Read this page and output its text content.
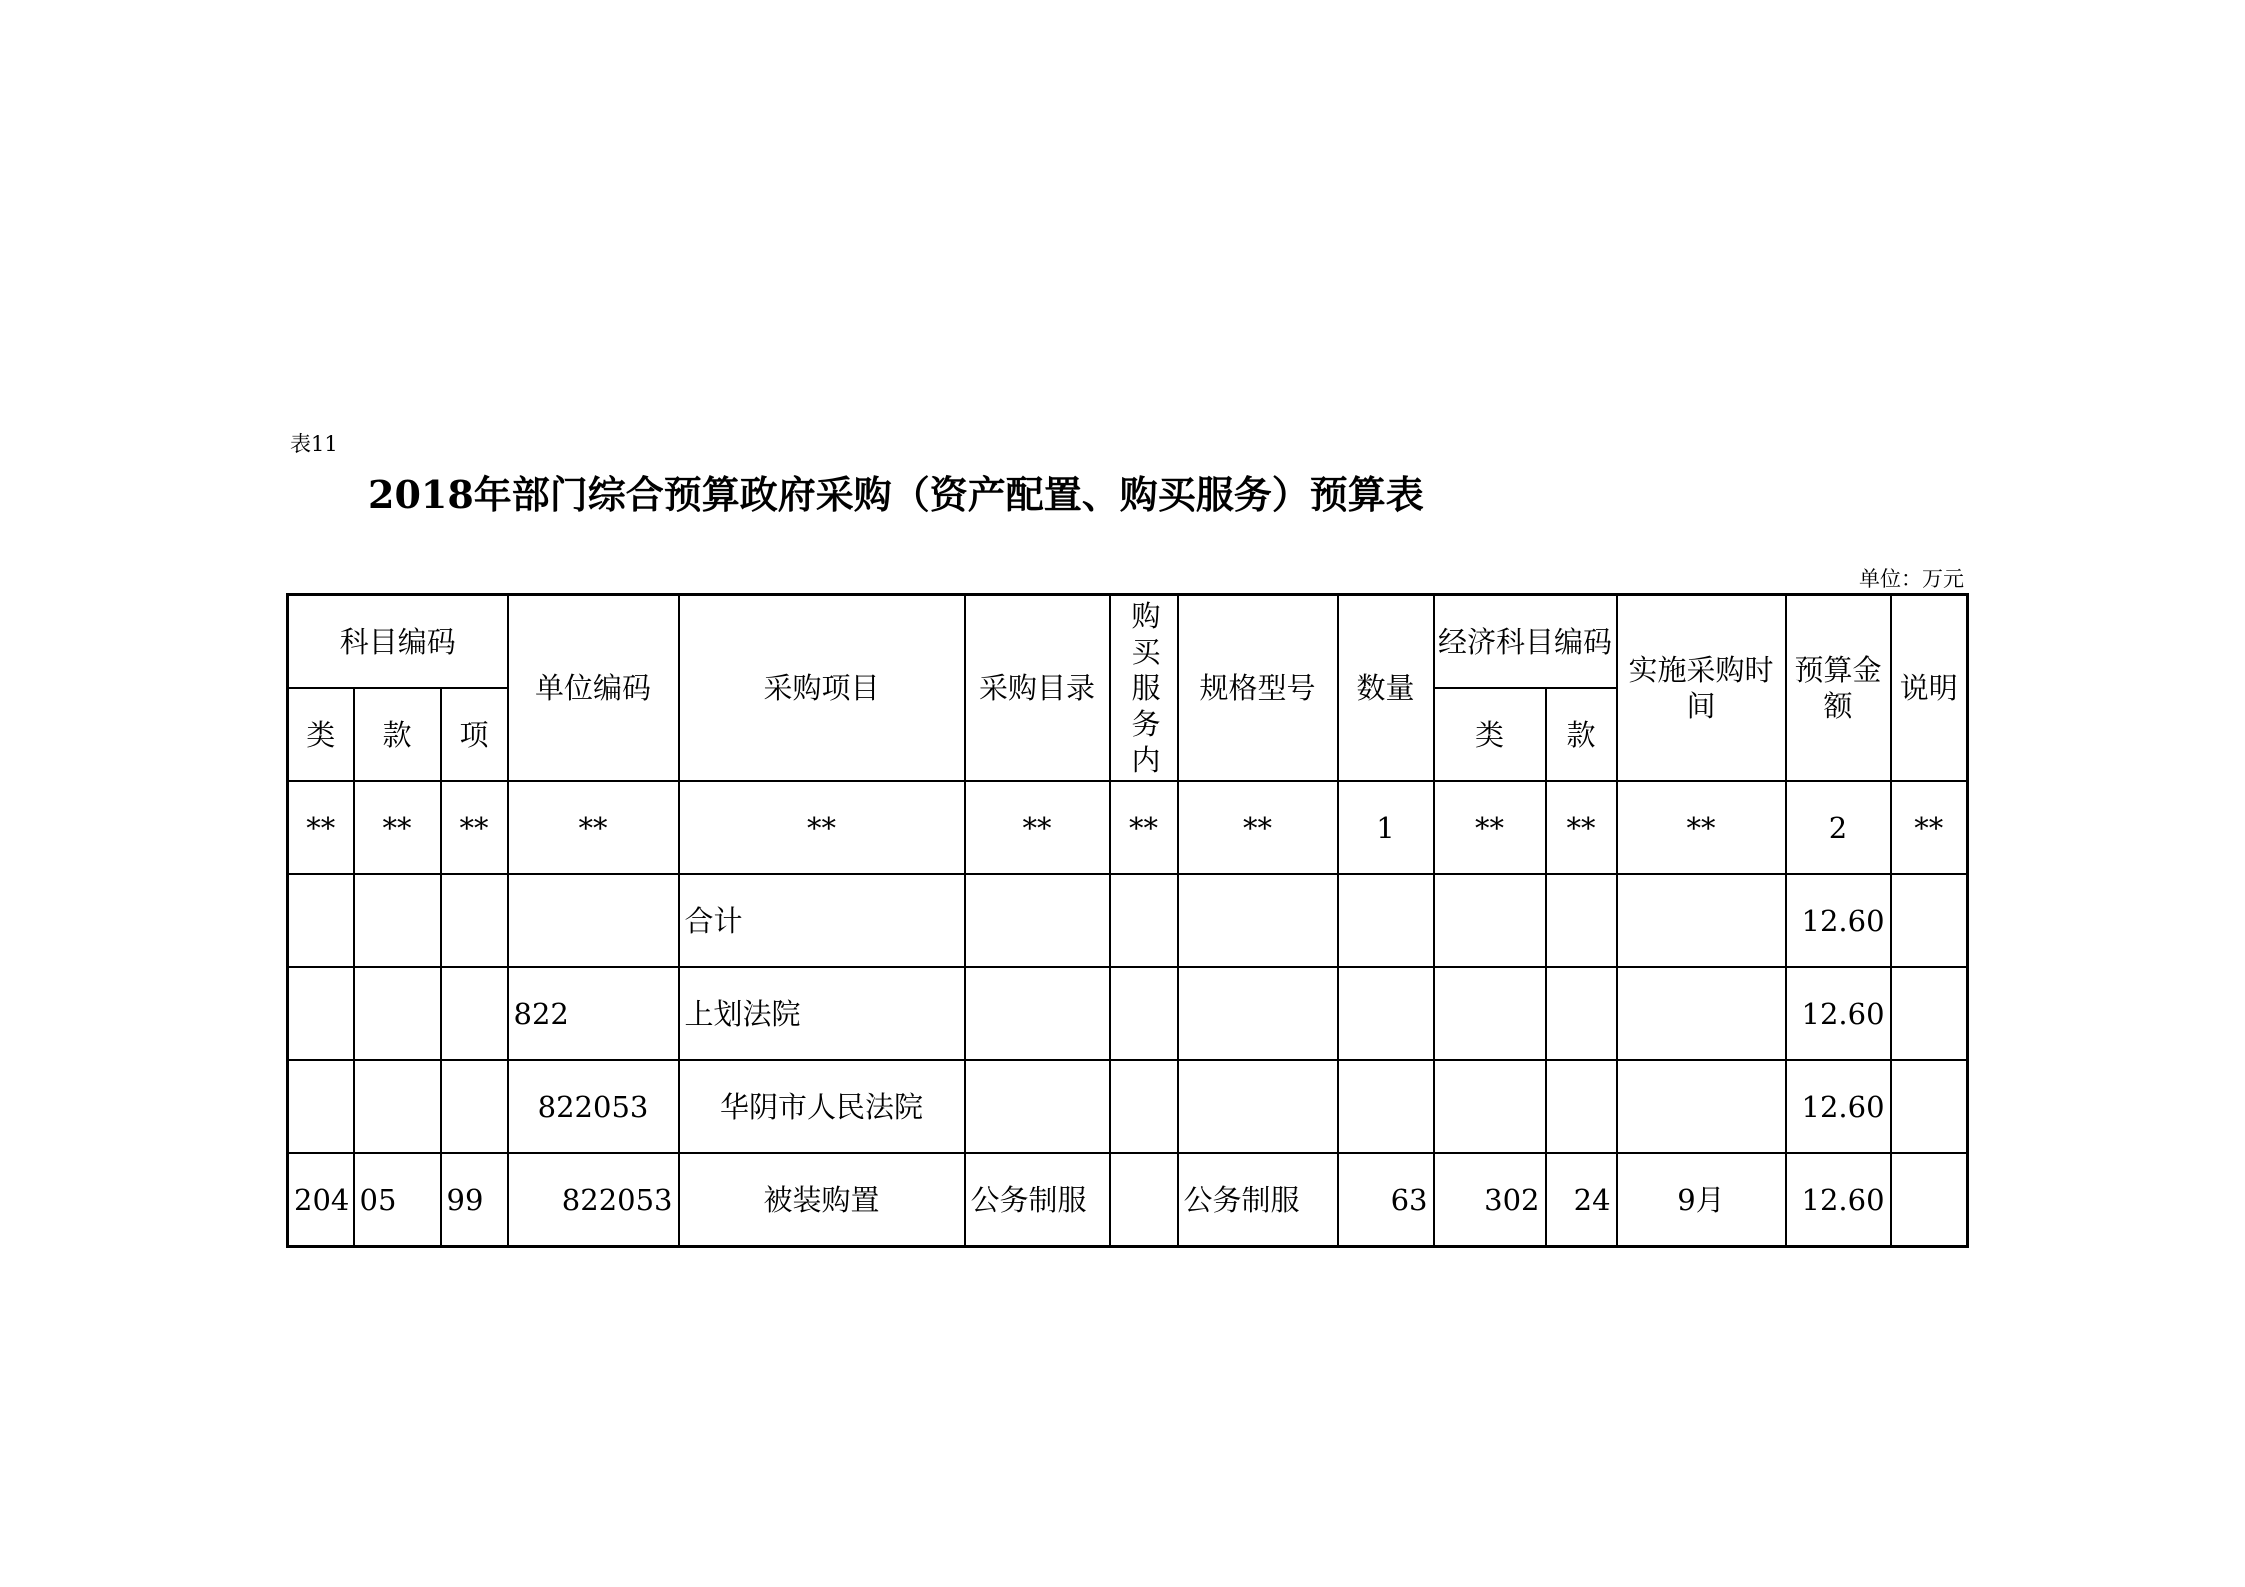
表11
2018年部门综合预算政府采购（资产配置、购买服务）预算表
单位：万元
科目编码			单位编码	采购项目	采购目录	购买服务内	规格型号	数量	经济科目编码		实施采购时间	预算金额	说明
类	款	项							类	款			
**	**	**	**	**	**	**	**	1	**	**	**	2	**
				合计								12.60	
			822	上划法院								12.60	
			822053	华阴市人民法院								12.60	
204	05	99	822053	被装购置	公务制服		公务制服	63	302	24	9月	12.60	
